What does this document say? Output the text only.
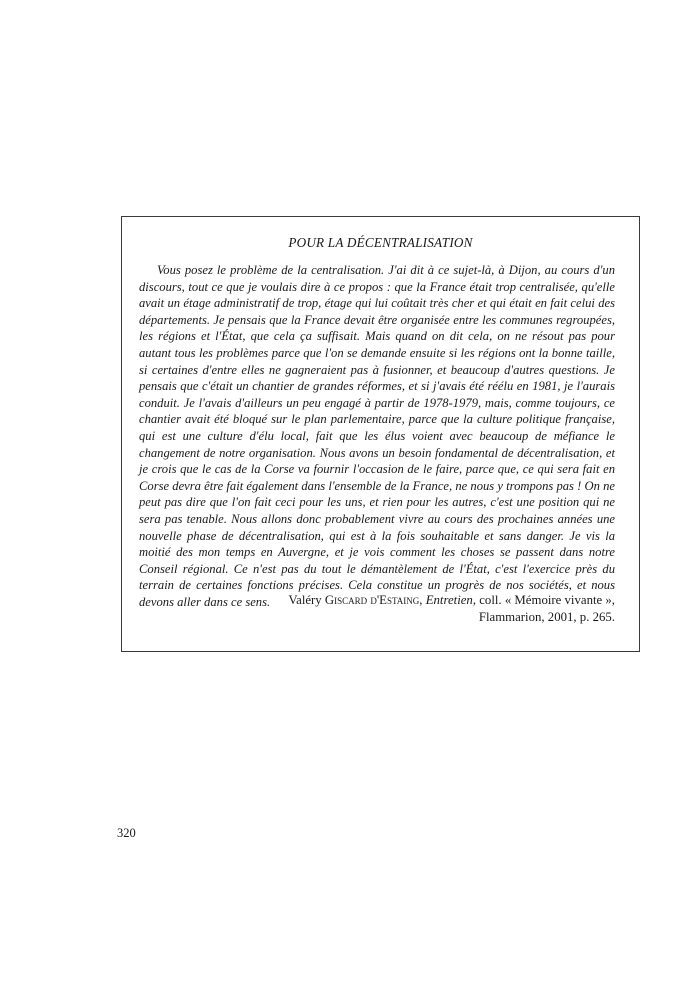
POUR LA DÉCENTRALISATION
Vous posez le problème de la centralisation. J'ai dit à ce sujet-là, à Dijon, au cours d'un discours, tout ce que je voulais dire à ce propos : que la France était trop centralisée, qu'elle avait un étage administratif de trop, étage qui lui coûtait très cher et qui était en fait celui des départements. Je pensais que la France devait être organisée entre les communes regroupées, les régions et l'État, que cela ça suffisait. Mais quand on dit cela, on ne résout pas pour autant tous les problèmes parce que l'on se demande ensuite si les régions ont la bonne taille, si certaines d'entre elles ne gagneraient pas à fusionner, et beaucoup d'autres questions. Je pensais que c'était un chantier de grandes réformes, et si j'avais été réélu en 1981, je l'aurais conduit. Je l'avais d'ailleurs un peu engagé à partir de 1978-1979, mais, comme toujours, ce chantier avait été bloqué sur le plan parlementaire, parce que la culture politique française, qui est une culture d'élu local, fait que les élus voient avec beaucoup de méfiance le changement de notre organisation. Nous avons un besoin fondamental de décentralisation, et je crois que le cas de la Corse va fournir l'occasion de le faire, parce que, ce qui sera fait en Corse devra être fait également dans l'ensemble de la France, ne nous y trompons pas ! On ne peut pas dire que l'on fait ceci pour les uns, et rien pour les autres, c'est une position qui ne sera pas tenable. Nous allons donc probablement vivre au cours des prochaines années une nouvelle phase de décentralisation, qui est à la fois souhaitable et sans danger. Je vis la moitié des mon temps en Auvergne, et je vois comment les choses se passent dans notre Conseil régional. Ce n'est pas du tout le démantèlement de l'État, c'est l'exercice près du terrain de certaines fonctions précises. Cela constitue un progrès de nos sociétés, et nous devons aller dans ce sens.	Valéry Giscard d'Estaing, Entretien, coll. « Mémoire vivante »,
Flammarion, 2001, p. 265.
320
